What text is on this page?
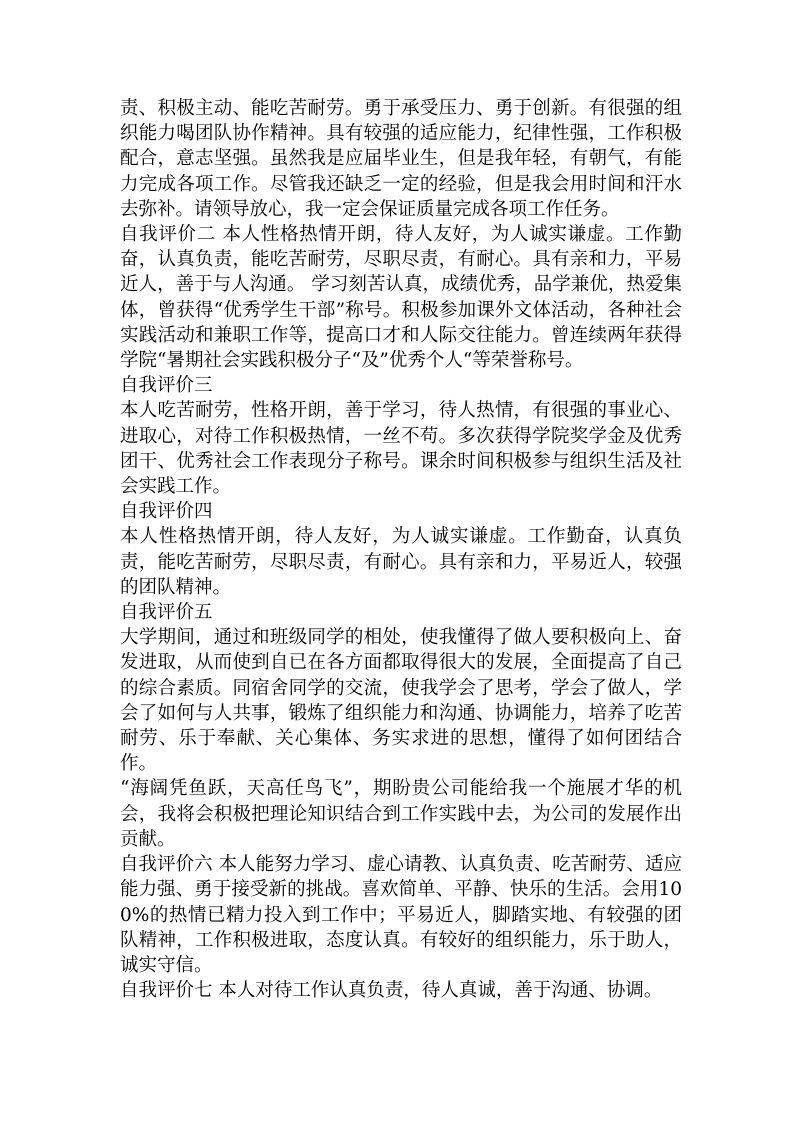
责、积极主动、能吃苦耐劳。勇于承受压力、勇于创新。有很强的组织能力喝团队协作精神。具有较强的适应能力，纪律性强，工作积极配合，意志坚强。虽然我是应届毕业生，但是我年轻，有朝气，有能力完成各项工作。尽管我还缺乏一定的经验，但是我会用时间和汗水去弥补。请领导放心，我一定会保证质量完成各项工作任务。

自我评价二 本人性格热情开朗，待人友好，为人诚实谦虚。工作勤奋，认真负责，能吃苦耐劳，尽职尽责，有耐心。具有亲和力，平易近人，善于与人沟通。 学习刻苦认真，成绩优秀，品学兼优，热爱集体，曾获得“优秀学生干部”称号。积极参加课外文体活动，各种社会实践活动和兼职工作等，提高口才和人际交往能力。曾连续两年获得学院“暑期社会实践积极分子“及”优秀个人“等荣誉称号。

自我评价三

本人吃苦耐劳，性格开朗，善于学习，待人热情，有很强的事业心、进取心，对待工作积极热情，一丝不苟。多次获得学院奖学金及优秀团干、优秀社会工作表现分子称号。课余时间积极参与组织生活及社会实践工作。

自我评价四

本人性格热情开朗，待人友好，为人诚实谦虚。工作勤奋，认真负责，能吃苦耐劳，尽职尽责，有耐心。具有亲和力，平易近人，较强的团队精神。

自我评价五

大学期间，通过和班级同学的相处，使我懂得了做人要积极向上、奋发进取，从而使到自已在各方面都取得很大的发展，全面提高了自己的综合素质。同宿舍同学的交流，使我学会了思考，学会了做人，学会了如何与人共事，锻炼了组织能力和沟通、协调能力，培养了吃苦耐劳、乐于奉献、关心集体、务实求进的思想，懂得了如何团结合作。

“海阔凭鱼跃，天高任鸟飞”，期盼贵公司能给我一个施展才华的机会，我将会积极把理论知识结合到工作实践中去，为公司的发展作出贡献。

自我评价六 本人能努力学习、虚心请教、认真负责、吃苦耐劳、适应能力强、勇于接受新的挑战。喜欢简单、平静、快乐的生活。会用100%的热情已精力投入到工作中；平易近人，脚踏实地、有较强的团队精神，工作积极进取，态度认真。有较好的组织能力，乐于助人，诚实守信。

自我评价七 本人对待工作认真负责，待人真诚，善于沟通、协调。
